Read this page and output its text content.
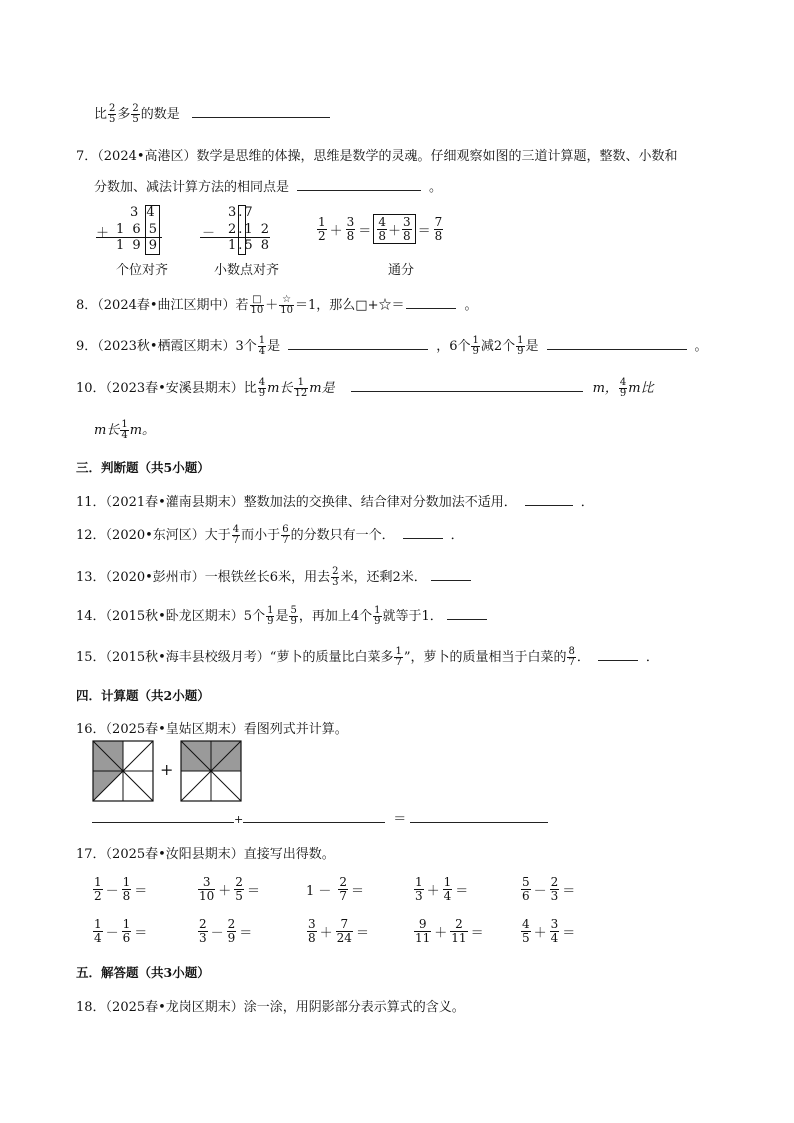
比 $\frac{2}{5}$ 多 $\frac{2}{5}$ 的数是
7．（2024•高港区）数学是思维的体操，思维是数学的灵魂。仔细观察如图的三道计算题，整数、小数和
分数加、减法计算方法的相同点是	。
3 4
＋ 1 6 5
1 9 9
个位对齐
3.7
－ 2.1 2
1.5 8
小数点对齐
$\frac{1}{2} + \frac{3}{8} = \frac{4}{8} + \frac{3}{8} = \frac{7}{8}$
通分
8．（2024春•曲江区期中）若 $\frac{□}{10} + \frac{☆}{10} =1$，那么□+☆＝	。
9．（2023秋•栖霞区期末）3个 $\frac{1}{4}$ 是	，6个 $\frac{1}{9}$ 减2个 $\frac{1}{9}$ 是	。
10．（2023春•安溪县期末）比 $\frac{4}{9}$ m长 $\frac{1}{12}$ m是	m， $\frac{4}{9}$ m比
m长 $\frac{1}{4}$ m。
三．判断题（共5小题）
11．（2021春•灌南县期末）整数加法的交换律、结合律对分数加法不适用．	．
12．（2020•东河区）大于 $\frac{4}{7}$ 而小于 $\frac{6}{7}$ 的分数只有一个．	．
13．（2020•彭州市）一根铁丝长6米，用去 $\frac{2}{3}$ 米，还剩2米．
14．（2015秋•卧龙区期末）5个 $\frac{1}{9}$ 是 $\frac{5}{9}$ ，再加上4个 $\frac{1}{9}$ 就等于1．
15．（2015秋•海丰县校级月考）“萝卜的质量比白菜多 $\frac{1}{7}$ ”，萝卜的质量相当于白菜的 $\frac{8}{7}$ ．	．
四．计算题（共2小题）
16．（2025春•皇姑区期末）看图列式并计算。
+
+	＝
17．（2025春•汝阳县期末）直接写出得数。
$\frac{1}{2} - \frac{1}{8}$ ＝	$\frac{3}{10} + \frac{2}{5}$ ＝	$1 - \frac{2}{7}$ ＝	$\frac{1}{3} + \frac{1}{4}$ ＝	$\frac{5}{6} - \frac{2}{3}$ ＝
$\frac{1}{4} - \frac{1}{6}$ ＝	$\frac{2}{3} - \frac{2}{9}$ ＝	$\frac{3}{8} + \frac{7}{24}$ ＝	$\frac{9}{11} + \frac{2}{11}$ ＝	$\frac{4}{5} + \frac{3}{4}$ ＝
五．解答题（共3小题）
18．（2025春•龙岗区期末）涂一涂，用阴影部分表示算式的含义。
